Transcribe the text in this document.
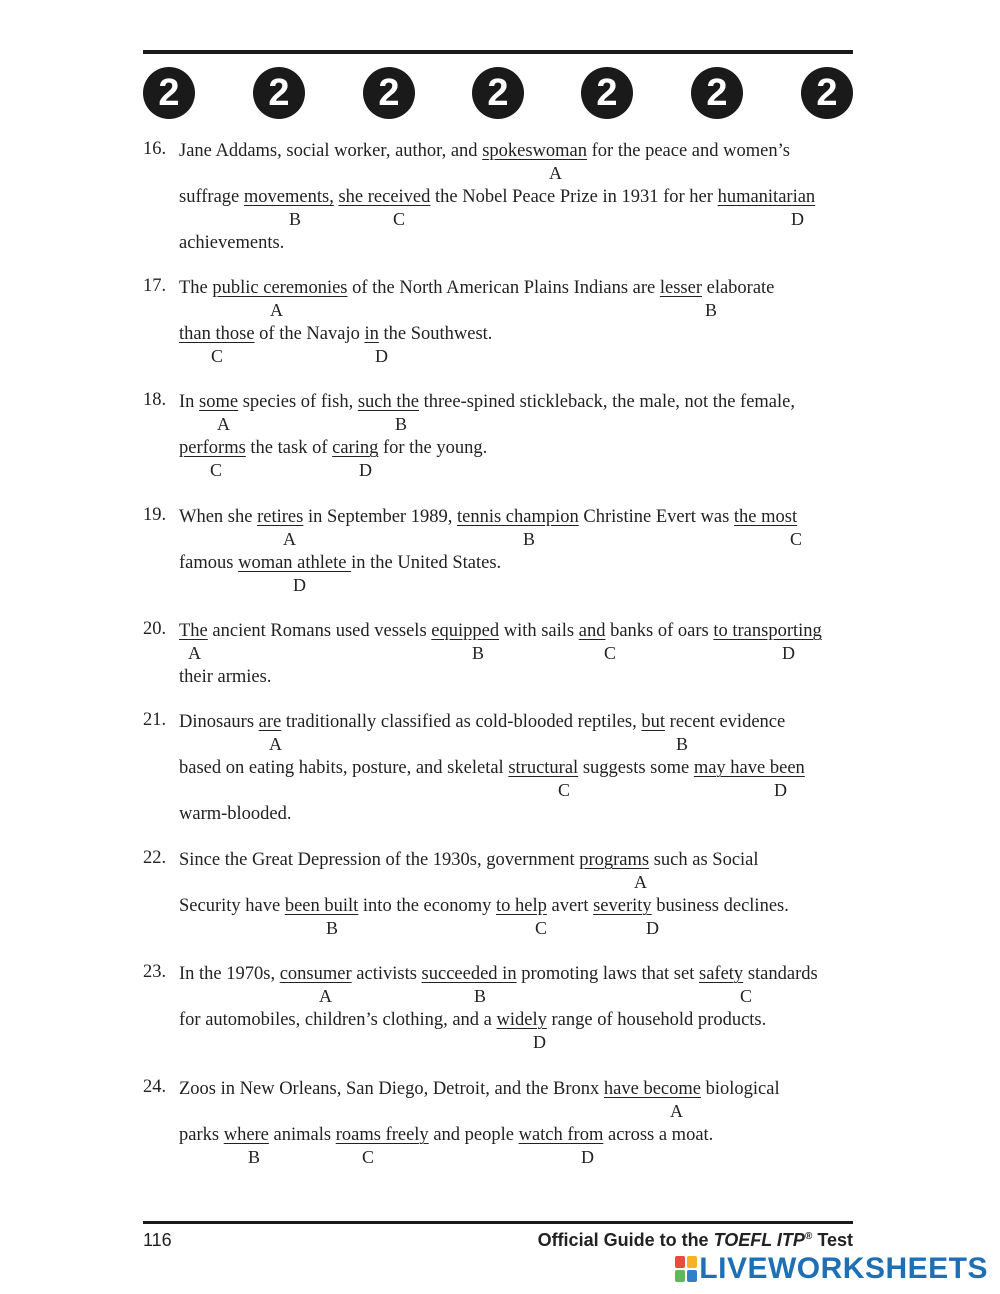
2	2	2	2	2	2	2
16. Jane Addams, social worker, author, and spokeswoman for the peace and women’s
suffrage movements, she received the Nobel Peace Prize in 1931 for her humanitarian
achievements.
A
B	C	D
17. The public ceremonies of the North American Plains Indians are lesser elaborate
than those of the Navajo in the Southwest.
A	B
C	D
18. In some species of fish, such the three-spined stickleback, the male, not the female,
performs the task of caring for the young.
A	B
C	D
19. When she retires in September 1989, tennis champion Christine Evert was the most
famous woman athlete in the United States.
A	B	C
D
20. The ancient Romans used vessels equipped with sails and banks of oars to transporting
their armies.
A	B	C	D
21. Dinosaurs are traditionally classified as cold-blooded reptiles, but recent evidence
based on eating habits, posture, and skeletal structural suggests some may have been
warm-blooded.
A	B
C	D
22. Since the Great Depression of the 1930s, government programs such as Social
Security have been built into the economy to help avert severity business declines.
A
B	C	D
23. In the 1970s, consumer activists succeeded in promoting laws that set safety standards
for automobiles, children’s clothing, and a widely range of household products.
A	B	C
D
24. Zoos in New Orleans, San Diego, Detroit, and the Bronx have become biological
parks where animals roams freely and people watch from across a moat.
A
B	C	D
116	Official Guide to the TOEFL ITP® Test
LIVEWORKSHEETS
